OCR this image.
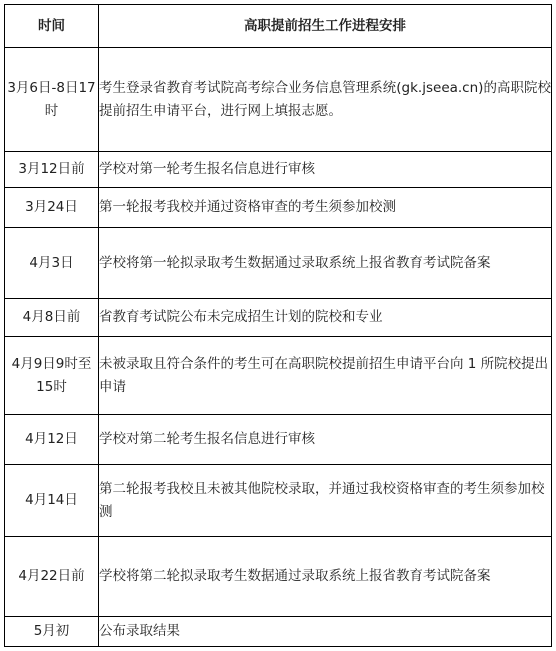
时间	高职提前招生工作进程安排
3月6日-8日17时	考生登录省教育考试院高考综合业务信息管理系统(gk.jseea.cn)的高职院校提前招生申请平台，进行网上填报志愿。
3月12日前	学校对第一轮考生报名信息进行审核
3月24日	第一轮报考我校并通过资格审查的考生须参加校测
4月3日	学校将第一轮拟录取考生数据通过录取系统上报省教育考试院备案
4月8日前	省教育考试院公布未完成招生计划的院校和专业
4月9日9时至15时	未被录取且符合条件的考生可在高职院校提前招生申请平台向 1 所院校提出申请
4月12日	学校对第二轮考生报名信息进行审核
4月14日	第二轮报考我校且未被其他院校录取，并通过我校资格审查的考生须参加校测
4月22日前	学校将第二轮拟录取考生数据通过录取系统上报省教育考试院备案
5月初	公布录取结果
